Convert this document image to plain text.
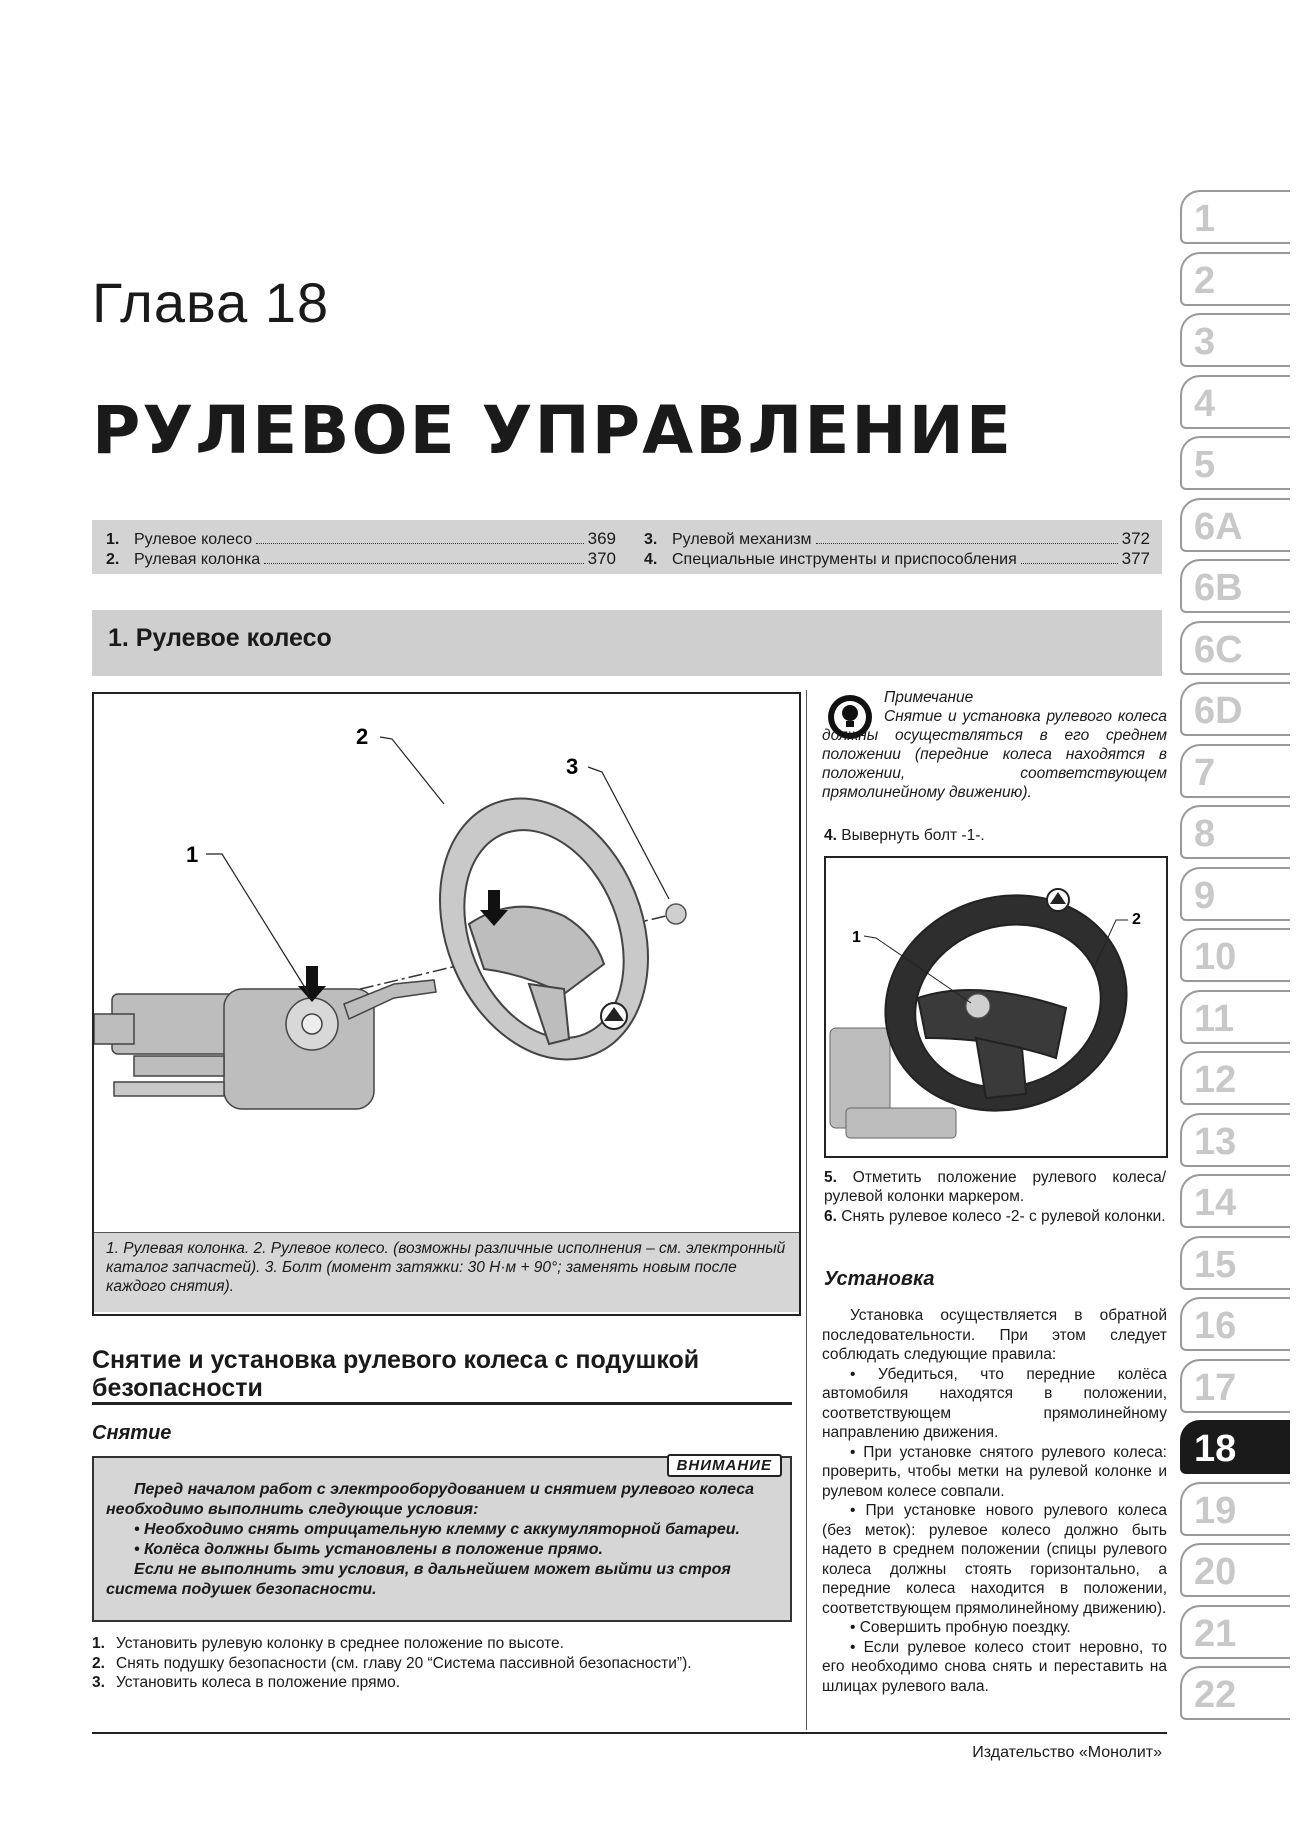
Глава 18
РУЛЕВОЕ УПРАВЛЕНИЕ
1. Рулевое колесо	369
2. Рулевая колонка	370
3. Рулевой механизм	372
4. Специальные инструменты и приспособления	377
1. Рулевое колесо
1
2
3
1. Рулевая колонка. 2. Рулевое колесо. (возможны различные исполнения – см. электронный каталог запчастей). 3. Болт (момент затяжки: 30 Н·м + 90°; заменять новым после каждого снятия).
Примечание
Снятие и установка рулевого колеса должны осуществляться в его среднем положении (передние колеса находятся в положении, соответствующем прямолинейному движению).
4. Вывернуть болт -1-.
1
2
5. Отметить положение рулевого колеса/рулевой колонки маркером.
6. Снять рулевое колесо -2- с рулевой колонки.
Установка

Установка осуществляется в обратной последовательности. При этом следует соблюдать следующие правила:

• Убедиться, что передние колёса автомобиля находятся в положении, соответствующем прямолинейному направлению движения.

• При установке снятого рулевого колеса: проверить, чтобы метки на рулевой колонке и рулевом колесе совпали.

• При установке нового рулевого колеса (без меток): рулевое колесо должно быть надето в среднем положении (спицы рулевого колеса должны стоять горизонтально, а передние колеса находится в положении, соответствующем прямолинейному движению).

• Совершить пробную поездку.

• Если рулевое колесо стоит неровно, то его необходимо снова снять и переставить на шлицах рулевого вала.

Снятие и установка рулевого колеса с подушкой безопасности
Снятие
ВНИМАНИЕ

Перед началом работ с электрооборудованием и снятием рулевого колеса необходимо выполнить следующие условия:

• Необходимо снять отрицательную клемму с аккумуляторной батареи.

• Колёса должны быть установлены в положение прямо.

Если не выполнить эти условия, в дальнейшем может выйти из строя система подушек безопасности.

1. Установить рулевую колонку в среднее положение по высоте.
2. Снять подушку безопасности (см. главу 20 “Система пассивной безопасности”).
3. Установить колеса в положение прямо.
Издательство «Монолит»
1
2
3
4
5
6A
6B
6C
6D
7
8
9
10
11
12
13
14
15
16
17
18
19
20
21
22
